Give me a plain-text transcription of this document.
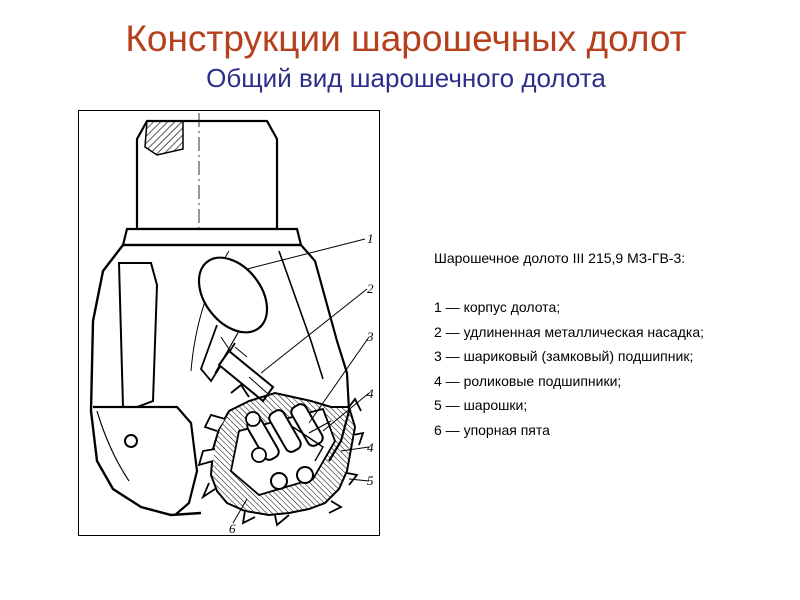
Конструкции шарошечных долот
Общий вид шарошечного долота
1
2
3
4
4
5
6
Шарошечное долото III 215,9 МЗ-ГВ-3:
1 — корпус долота;
2 — удлиненная металлическая насадка;
3 — шариковый (замковый) подшипник;
4 — роликовые подшипники;
5 — шарошки;
6 — упорная пята
